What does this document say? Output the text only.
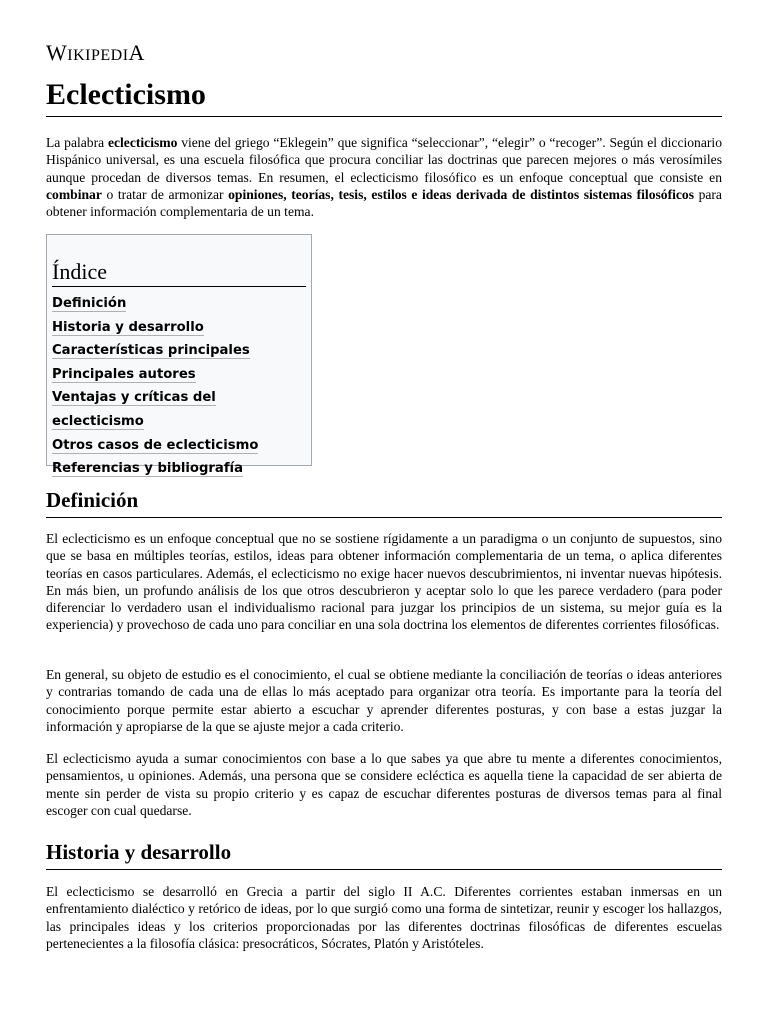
WIKIPEDIA
Eclecticismo

La palabra eclecticismo viene del griego “Eklegein” que significa “seleccionar”, “elegir” o “recoger”. Según el diccionario Hispánico universal, es una escuela filosófica que procura conciliar las doctrinas que parecen mejores o más verosímiles aunque procedan de diversos temas. En resumen, el eclecticismo filosófico es un enfoque conceptual que consiste en combinar o tratar de armonizar opiniones, teorías, tesis, estilos e ideas derivada de distintos sistemas filosóficos para obtener información complementaria de un tema.

Índice
Definición
Historia y desarrollo
Características principales
Principales autores
Ventajas y críticas del eclecticismo
Otros casos de eclecticismo
Referencias y bibliografía
Definición

El eclecticismo es un enfoque conceptual que no se sostiene rígidamente a un paradigma o un conjunto de supuestos, sino que se basa en múltiples teorías, estilos, ideas para obtener información complementaria de un tema, o aplica diferentes teorías en casos particulares. Además, el eclecticismo no exige hacer nuevos descubrimientos, ni inventar nuevas hipótesis. En más bien, un profundo análisis de los que otros descubrieron y aceptar solo lo que les parece verdadero (para poder diferenciar lo verdadero usan el individualismo racional para juzgar los principios de un sistema, su mejor guía es la experiencia) y provechoso de cada uno para conciliar en una sola doctrina los elementos de diferentes corrientes filosóficas.

En general, su objeto de estudio es el conocimiento, el cual se obtiene mediante la conciliación de teorías o ideas anteriores y contrarias tomando de cada una de ellas lo más aceptado para organizar otra teoría. Es importante para la teoría del conocimiento porque permite estar abierto a escuchar y aprender diferentes posturas, y con base a estas juzgar la información y apropiarse de la que se ajuste mejor a cada criterio.

El eclecticismo ayuda a sumar conocimientos con base a lo que sabes ya que abre tu mente a diferentes conocimientos, pensamientos, u opiniones. Además, una persona que se considere ecléctica es aquella tiene la capacidad de ser abierta de mente sin perder de vista su propio criterio y es capaz de escuchar diferentes posturas de diversos temas para al final escoger con cual quedarse.

Historia y desarrollo

El eclecticismo se desarrolló en Grecia a partir del siglo II A.C. Diferentes corrientes estaban inmersas en un enfrentamiento dialéctico y retórico de ideas, por lo que surgió como una forma de sintetizar, reunir y escoger los hallazgos, las principales ideas y los criterios proporcionadas por las diferentes doctrinas filosóficas de diferentes escuelas pertenecientes a la filosofía clásica: presocráticos, Sócrates, Platón y Aristóteles.
